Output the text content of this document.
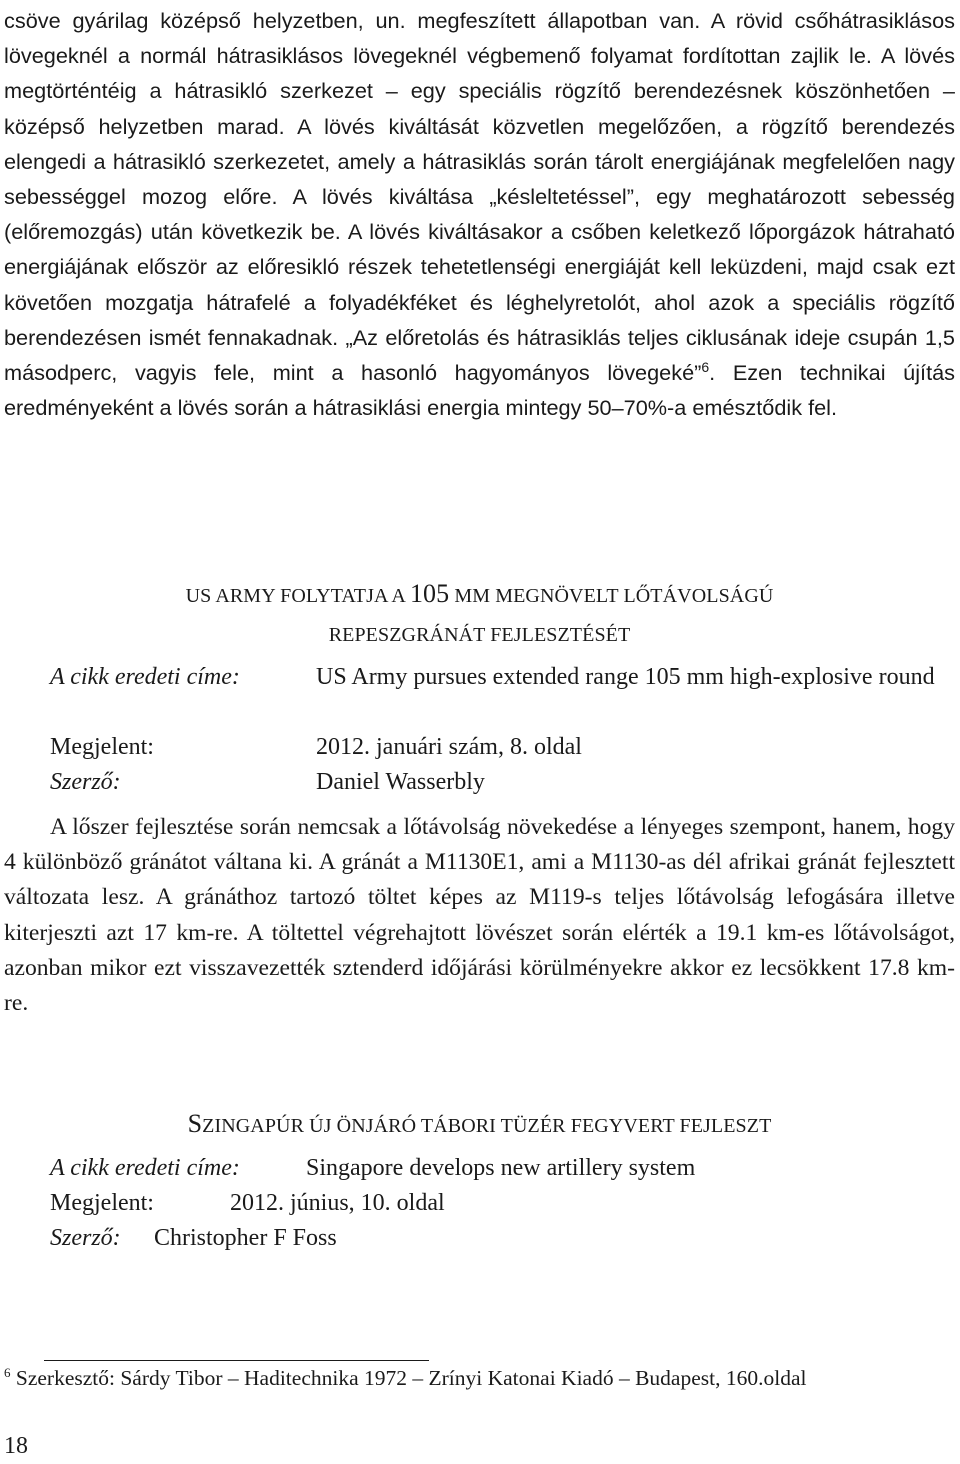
csöve gyárilag középső helyzetben, un. megfeszített állapotban van. A rövid csőhátrasiklásos lövegeknél a normál hátrasiklásos lövegeknél végbemenő folyamat fordítottan zajlik le. A lövés megtörténtéig a hátrasikló szerkezet – egy speciális rögzítő berendezésnek köszönhetően – középső helyzetben marad. A lövés kiváltását közvetlen megelőzően, a rögzítő berendezés elengedi a hátrasikló szerkezetet, amely a hátrasiklás során tárolt energiájának megfelelően nagy sebességgel mozog előre. A lövés kiváltása „késleltetéssel”, egy meghatározott sebesség (előremozgás) után következik be. A lövés kiváltásakor a csőben keletkező lőporgázok hátraható energiájának először az előresikló részek tehetetlenségi energiáját kell leküzdeni, majd csak ezt követően mozgatja hátrafelé a folyadékféket és léghelyretolót, ahol azok a speciális rögzítő berendezésen ismét fennakadnak. „Az előretolás és hátrasiklás teljes ciklusának ideje csupán 1,5 másodperc, vagyis fele, mint a hasonló hagyományos lövegeké”$^6$. Ezen technikai újítás eredményeként a lövés során a hátrasiklási energia mintegy 50–70%-a emésztődik fel.

US ARMY FOLYTATJA A 105 MM MEGNÖVELT LŐTÁVOLSÁGÚ
REPESZGRÁNÁT FEJLESZTÉSÉT
A cikk eredeti címe:	US Army pursues extended range 105 mm high-explosive round
Megjelent:	2012. januári szám, 8. oldal
Szerző:	Daniel Wasserbly

A lőszer fejlesztése során nemcsak a lőtávolság növekedése a lényeges szempont, hanem, hogy 4 különböző gránátot váltana ki. A gránát a M1130E1, ami a M1130-as dél afrikai gránát fejlesztett változata lesz. A gránáthoz tartozó töltet képes az M119-s teljes lőtávolság lefogására illetve kiterjeszti azt 17 km-re. A töltettel végrehajtott lövészet során elérték a 19.1 km-es lőtávolságot, azonban mikor ezt visszavezették sztenderd időjárási körülményekre akkor ez lecsökkent 17.8 km-re.

SZINGAPÚR ÚJ ÖNJÁRÓ TÁBORI TÜZÉR FEGYVERT FEJLESZT
A cikk eredeti címe:	Singapore develops new artillery system
Megjelent:	2012. június, 10. oldal
Szerző: Christopher F Foss

$^6$ Szerkesztő: Sárdy Tibor – Haditechnika 1972 – Zrínyi Katonai Kiadó – Budapest, 160.oldal

18
